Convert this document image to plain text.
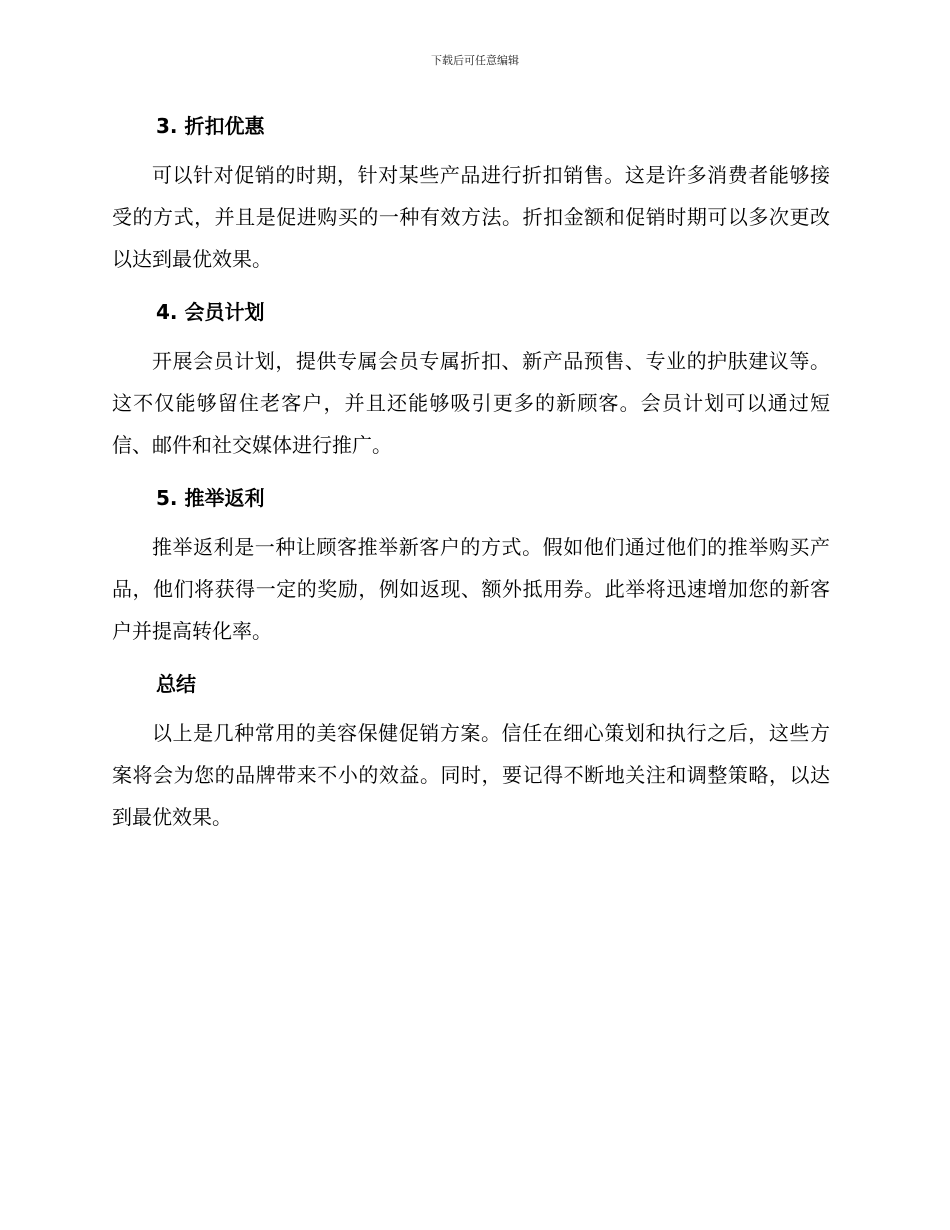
下载后可任意编辑
3. 折扣优惠

可以针对促销的时期，针对某些产品进行折扣销售。这是许多消费者能够接受的方式，并且是促进购买的一种有效方法。折扣金额和促销时期可以多次更改以达到最优效果。

4. 会员计划

开展会员计划，提供专属会员专属折扣、新产品预售、专业的护肤建议等。这不仅能够留住老客户，并且还能够吸引更多的新顾客。会员计划可以通过短信、邮件和社交媒体进行推广。

5. 推举返利

推举返利是一种让顾客推举新客户的方式。假如他们通过他们的推举购买产品，他们将获得一定的奖励，例如返现、额外抵用券。此举将迅速增加您的新客户并提高转化率。

总结

以上是几种常用的美容保健促销方案。信任在细心策划和执行之后，这些方案将会为您的品牌带来不小的效益。同时，要记得不断地关注和调整策略，以达到最优效果。
